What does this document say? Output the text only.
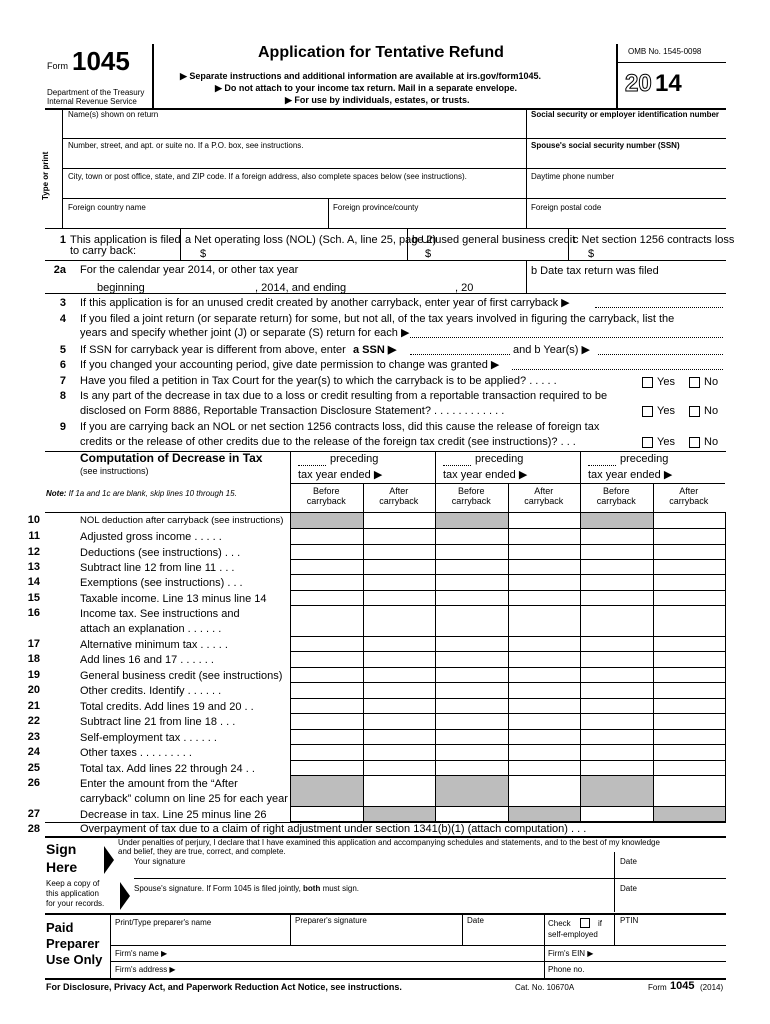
Form 1045
Department of the Treasury
Internal Revenue Service
Application for Tentative Refund
▶ Separate instructions and additional information are available at irs.gov/form1045.
▶ Do not attach to your income tax return. Mail in a separate envelope.
▶ For use by individuals, estates, or trusts.
OMB No. 1545-0098
20 14
Type or print
Name(s) shown on return	Social security or employer identification number
Number, street, and apt. or suite no. If a P.O. box, see instructions.	Spouse's social security number (SSN)
City, town or post office, state, and ZIP code. If a foreign address, also complete spaces below (see instructions).	Daytime phone number
Foreign country name	Foreign province/county	Foreign postal code
1 This application is filed
to carry back:
a Net operating loss (NOL) (Sch. A, line 25, page 2)
$
b Unused general business credit
$
c Net section 1256 contracts loss
$
2a For the calendar year 2014, or other tax year
beginning	, 2014, and ending	, 20
b Date tax return was filed
3 If this application is for an unused credit created by another carryback, enter year of first carryback ▶
4 If you filed a joint return (or separate return) for some, but not all, of the tax years involved in figuring the carryback, list the
years and specify whether joint (J) or separate (S) return for each ▶
5 If SSN for carryback year is different from above, enter a SSN ▶	and b Year(s) ▶
6 If you changed your accounting period, give date permission to change was granted ▶
7 Have you filed a petition in Tax Court for the year(s) to which the carryback is to be applied? . . . . .
8 Is any part of the decrease in tax due to a loss or credit resulting from a reportable transaction required to be
disclosed on Form 8886, Reportable Transaction Disclosure Statement? . . . . . . . . . . . .
9 If you are carrying back an NOL or net section 1256 contracts loss, did this cause the release of foreign tax
credits or the release of other credits due to the release of the foreign tax credit (see instructions)? . . .
Yes	No
Yes	No
Yes	No
Computation of Decrease in Tax
(see instructions)
Note: If 1a and 1c are blank, skip lines 10 through 15.
preceding
tax year ended ▶
Before
carryback
After
carryback
preceding
tax year ended ▶
Before
carryback
After
carryback
preceding
tax year ended ▶
Before
carryback
After
carryback
10	NOL deduction after carryback (see instructions)
11	Adjusted gross income . . . . .
12	Deductions (see instructions) . . .
13	Subtract line 12 from line 11 . . .
14	Exemptions (see instructions) . . .
15	Taxable income. Line 13 minus line 14
16	Income tax. See instructions and
attach an explanation . . . . . .
17	Alternative minimum tax . . . . .
18	Add lines 16 and 17 . . . . . .
19	General business credit (see instructions)
20	Other credits. Identify . . . . . .
21	Total credits. Add lines 19 and 20 . .
22	Subtract line 21 from line 18 . . .
23	Self-employment tax . . . . . .
24	Other taxes . . . . . . . . .
25	Total tax. Add lines 22 through 24 . .
26	Enter the amount from the “After
carryback” column on line 25 for each year
27	Decrease in tax. Line 25 minus line 26
28	Overpayment of tax due to a claim of right adjustment under section 1341(b)(1) (attach computation) . . .
Sign
Here
Keep a copy of
this application
for your records.
Under penalties of perjury, I declare that I have examined this application and accompanying schedules and statements, and to the best of my knowledge
and belief, they are true, correct, and complete.
Your signature	Date
Spouse's signature. If Form 1045 is filed jointly, both must sign.	Date
Paid
Preparer
Use Only
Print/Type preparer's name	Preparer's signature	Date	Check	if
self-employed
PTIN
Firm's name ▶	Firm's EIN ▶
Firm's address ▶	Phone no.
For Disclosure, Privacy Act, and Paperwork Reduction Act Notice, see instructions.	Cat. No. 10670A	Form 1045 (2014)
